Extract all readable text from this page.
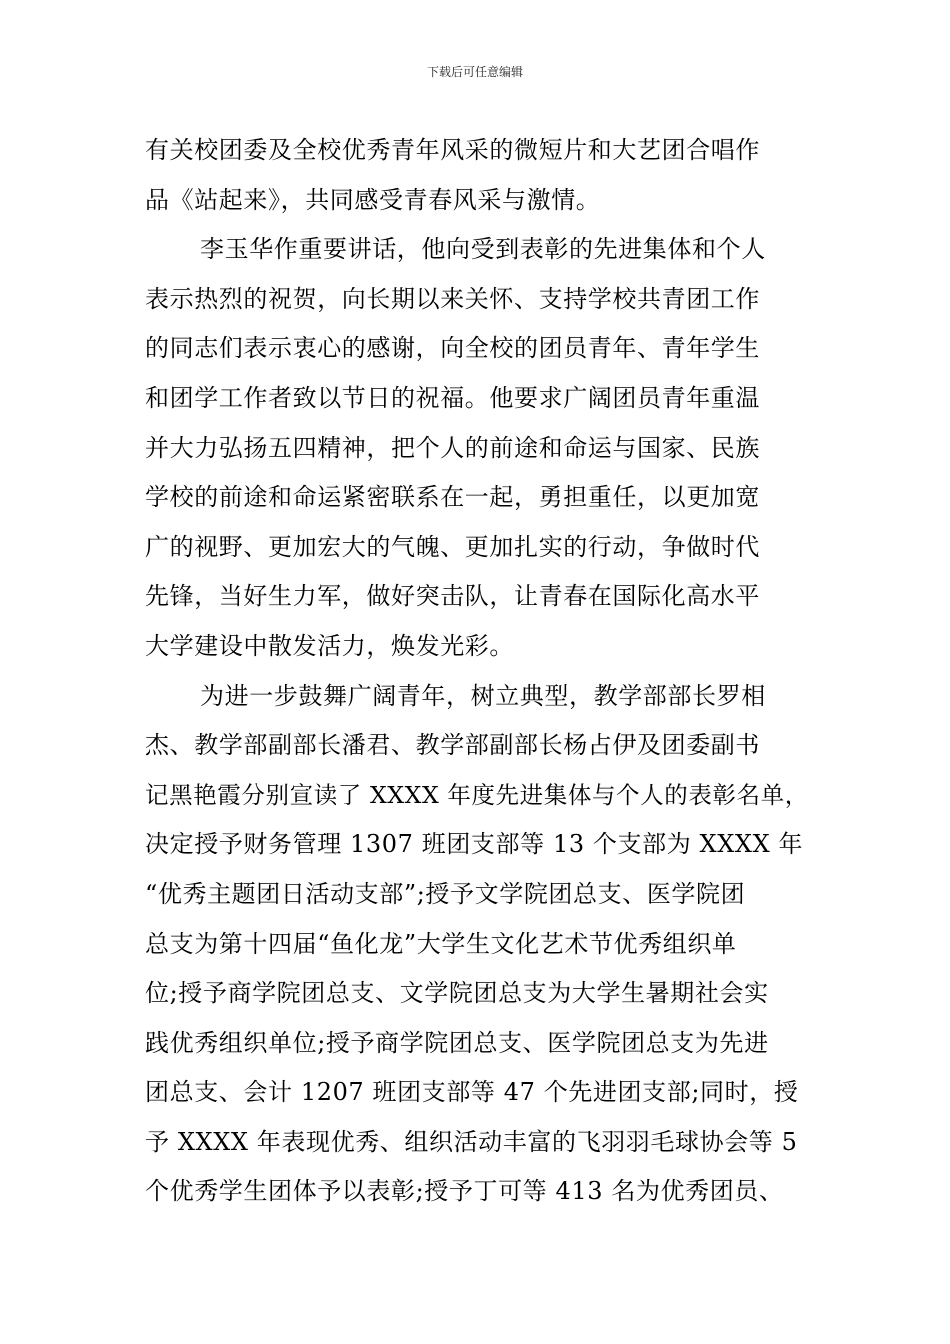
下载后可任意编辑
有关校团委及全校优秀青年风采的微短片和大艺团合唱作
品《站起来》，共同感受青春风采与激情。
李玉华作重要讲话，他向受到表彰的先进集体和个人
表示热烈的祝贺，向长期以来关怀、支持学校共青团工作
的同志们表示衷心的感谢，向全校的团员青年、青年学生
和团学工作者致以节日的祝福。他要求广阔团员青年重温
并大力弘扬五四精神，把个人的前途和命运与国家、民族
学校的前途和命运紧密联系在一起，勇担重任，以更加宽
广的视野、更加宏大的气魄、更加扎实的行动，争做时代
先锋，当好生力军，做好突击队，让青春在国际化高水平
大学建设中散发活力，焕发光彩。
为进一步鼓舞广阔青年，树立典型，教学部部长罗相
杰、教学部副部长潘君、教学部副部长杨占伊及团委副书
记黑艳霞分别宣读了 XXXX 年度先进集体与个人的表彰名单，
决定授予财务管理 1307 班团支部等 13 个支部为 XXXX 年
“优秀主题团日活动支部”;授予文学院团总支、医学院团
总支为第十四届“鱼化龙”大学生文化艺术节优秀组织单
位;授予商学院团总支、文学院团总支为大学生暑期社会实
践优秀组织单位;授予商学院团总支、医学院团总支为先进
团总支、会计 1207 班团支部等 47 个先进团支部;同时，授
予 XXXX 年表现优秀、组织活动丰富的飞羽羽毛球协会等 5
个优秀学生团体予以表彰;授予丁可等 413 名为优秀团员、
